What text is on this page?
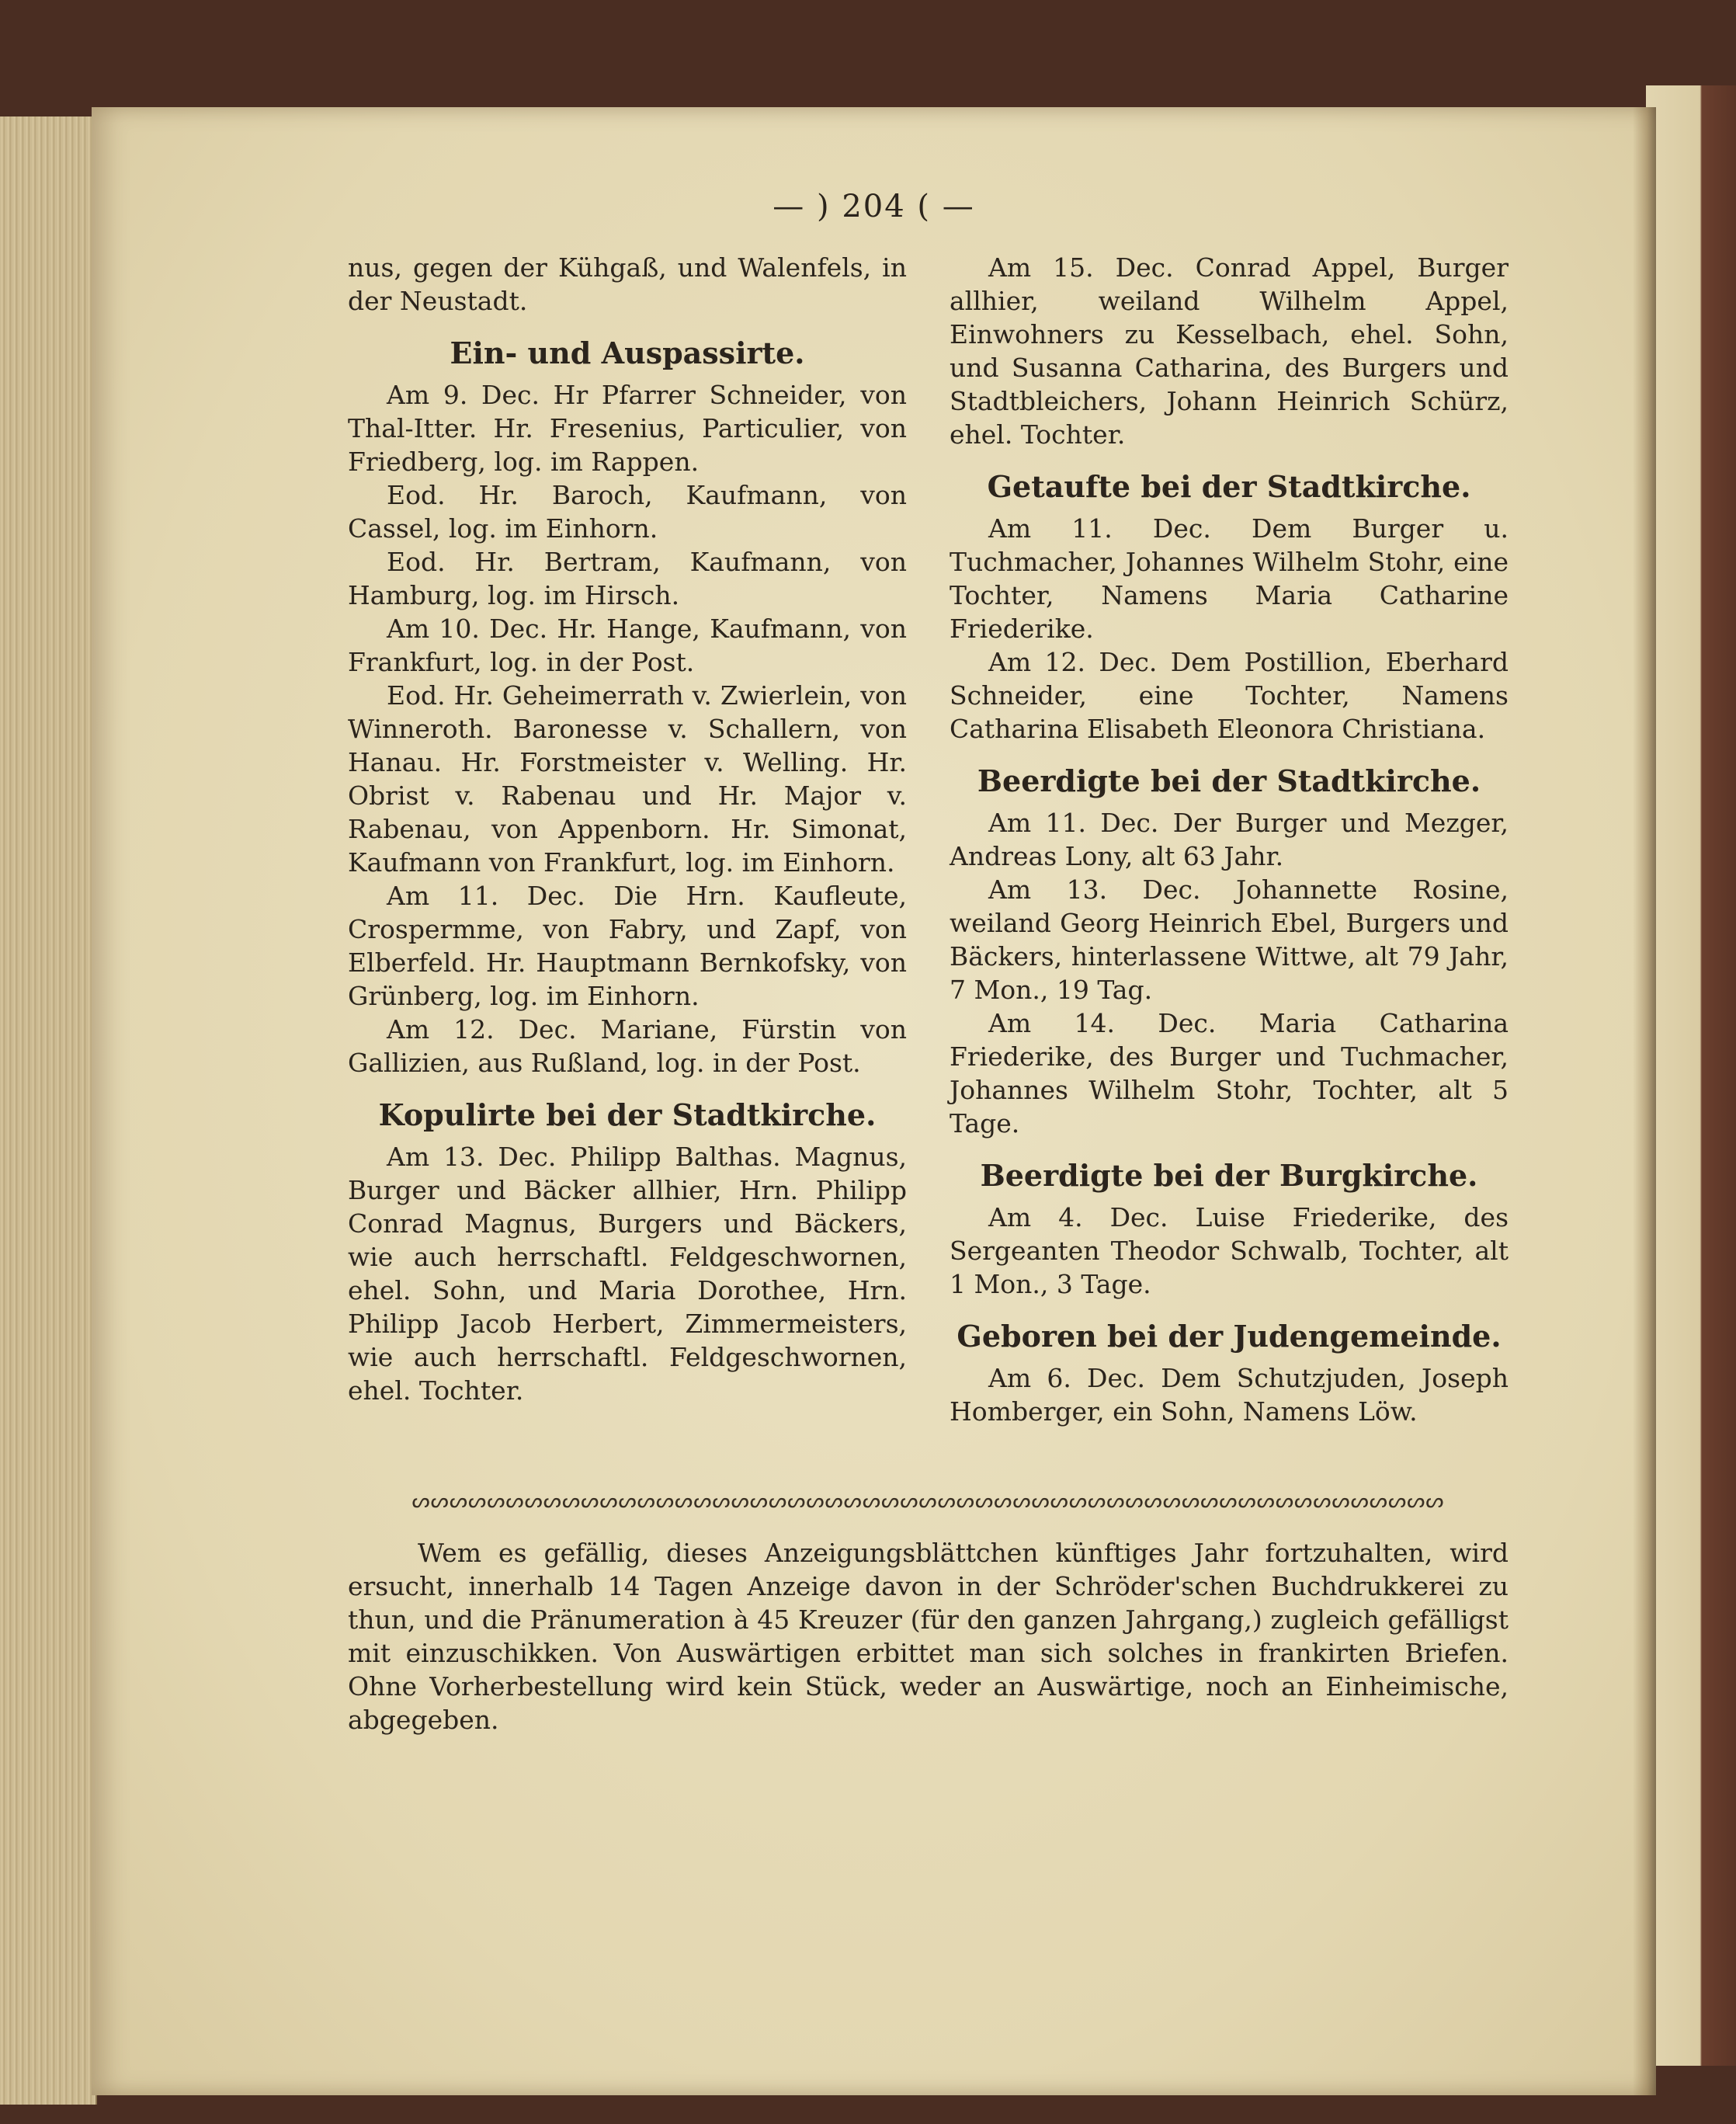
— ) 204 ( —

nus, gegen der Kühgaß, und Walenfels, in der Neustadt.

Ein- und Auspassirte.

Am 9. Dec. Hr Pfarrer Schneider, von Thal-Itter. Hr. Fresenius, Particulier, von Friedberg, log. im Rappen.

Eod. Hr. Baroch, Kaufmann, von Cassel, log. im Einhorn.

Eod. Hr. Bertram, Kaufmann, von Hamburg, log. im Hirsch.

Am 10. Dec. Hr. Hange, Kaufmann, von Frankfurt, log. in der Post.

Eod. Hr. Geheimerrath v. Zwierlein, von Winneroth. Baronesse v. Schallern, von Hanau. Hr. Forstmeister v. Welling. Hr. Obrist v. Rabenau und Hr. Major v. Rabenau, von Appenborn. Hr. Simonat, Kaufmann von Frankfurt, log. im Einhorn.

Am 11. Dec. Die Hrn. Kaufleute, Crospermme, von Fabry, und Zapf, von Elberfeld. Hr. Hauptmann Bernkofsky, von Grünberg, log. im Einhorn.

Am 12. Dec. Mariane, Fürstin von Gallizien, aus Rußland, log. in der Post.

Kopulirte bei der Stadtkirche.

Am 13. Dec. Philipp Balthas. Magnus, Burger und Bäcker allhier, Hrn. Philipp Conrad Magnus, Burgers und Bäckers, wie auch herrschaftl. Feldgeschwornen, ehel. Sohn, und Maria Dorothee, Hrn. Philipp Jacob Herbert, Zimmermeisters, wie auch herrschaftl. Feldgeschwornen, ehel. Tochter.

Am 15. Dec. Conrad Appel, Burger allhier, weiland Wilhelm Appel, Einwohners zu Kesselbach, ehel. Sohn, und Susanna Catharina, des Burgers und Stadtbleichers, Johann Heinrich Schürz, ehel. Tochter.

Getaufte bei der Stadtkirche.

Am 11. Dec. Dem Burger u. Tuchmacher, Johannes Wilhelm Stohr, eine Tochter, Namens Maria Catharine Friederike.

Am 12. Dec. Dem Postillion, Eberhard Schneider, eine Tochter, Namens Catharina Elisabeth Eleonora Christiana.

Beerdigte bei der Stadtkirche.

Am 11. Dec. Der Burger und Mezger, Andreas Lony, alt 63 Jahr.

Am 13. Dec. Johannette Rosine, weiland Georg Heinrich Ebel, Burgers und Bäckers, hinterlassene Wittwe, alt 79 Jahr, 7 Mon., 19 Tag.

Am 14. Dec. Maria Catharina Friederike, des Burger und Tuchmacher, Johannes Wilhelm Stohr, Tochter, alt 5 Tage.

Beerdigte bei der Burgkirche.

Am 4. Dec. Luise Friederike, des Sergeanten Theodor Schwalb, Tochter, alt 1 Mon., 3 Tage.

Geboren bei der Judengemeinde.

Am 6. Dec. Dem Schutzjuden, Joseph Homberger, ein Sohn, Namens Löw.

ᔕᔕᔕᔕᔕᔕᔕᔕᔕᔕᔕᔕᔕᔕᔕᔕᔕᔕᔕᔕᔕᔕᔕᔕᔕᔕᔕᔕᔕᔕᔕᔕᔕᔕᔕᔕᔕᔕᔕᔕᔕᔕᔕᔕᔕᔕᔕᔕᔕᔕᔕᔕᔕᔕᔕ

Wem es gefällig, dieses Anzeigungsblättchen künftiges Jahr fortzuhalten, wird ersucht, innerhalb 14 Tagen Anzeige davon in der Schröder'schen Buchdrukkerei zu thun, und die Pränumeration à 45 Kreuzer (für den ganzen Jahrgang,) zugleich gefälligst mit einzuschikken. Von Auswärtigen erbittet man sich solches in frankirten Briefen. Ohne Vorherbestellung wird kein Stück, weder an Auswärtige, noch an Einheimische, abgegeben.
